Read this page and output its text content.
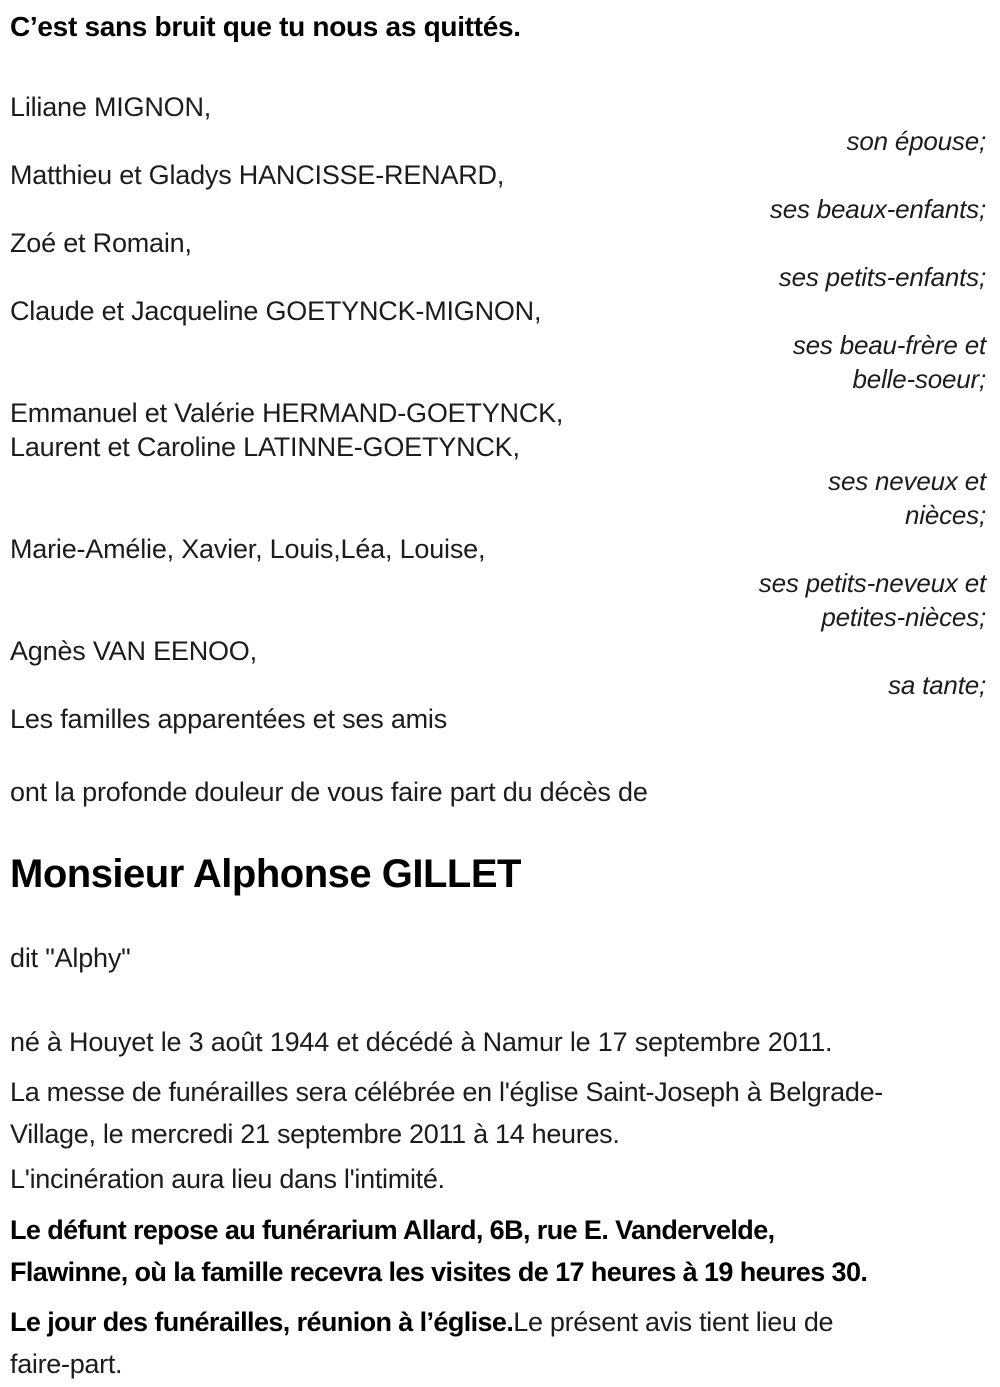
C’est sans bruit que tu nous as quittés.
Liliane MIGNON,
son épouse;
Matthieu et Gladys HANCISSE-RENARD,
ses beaux-enfants;
Zoé et Romain,
ses petits-enfants;
Claude et Jacqueline GOETYNCK-MIGNON,
ses beau-frère et
belle-soeur;
Emmanuel et Valérie HERMAND-GOETYNCK,
Laurent et Caroline LATINNE-GOETYNCK,
ses neveux et
nièces;
Marie-Amélie, Xavier, Louis,Léa, Louise,
ses petits-neveux et
petites-nièces;
Agnès VAN EENOO,
sa tante;
Les familles apparentées et ses amis

ont la profonde douleur de vous faire part du décès de

Monsieur Alphonse GILLET

dit "Alphy"

né à Houyet le 3 août 1944 et décédé à Namur le 17 septembre 2011.

La messe de funérailles sera célébrée en l'église Saint-Joseph à Belgrade-
Village, le mercredi 21 septembre 2011 à 14 heures.

L'incinération aura lieu dans l'intimité.

Le défunt repose au funérarium Allard, 6B, rue E. Vandervelde,
Flawinne, où la famille recevra les visites de 17 heures à 19 heures 30.
Le jour des funérailles, réunion à l’église.Le présent avis tient lieu de
faire-part.
